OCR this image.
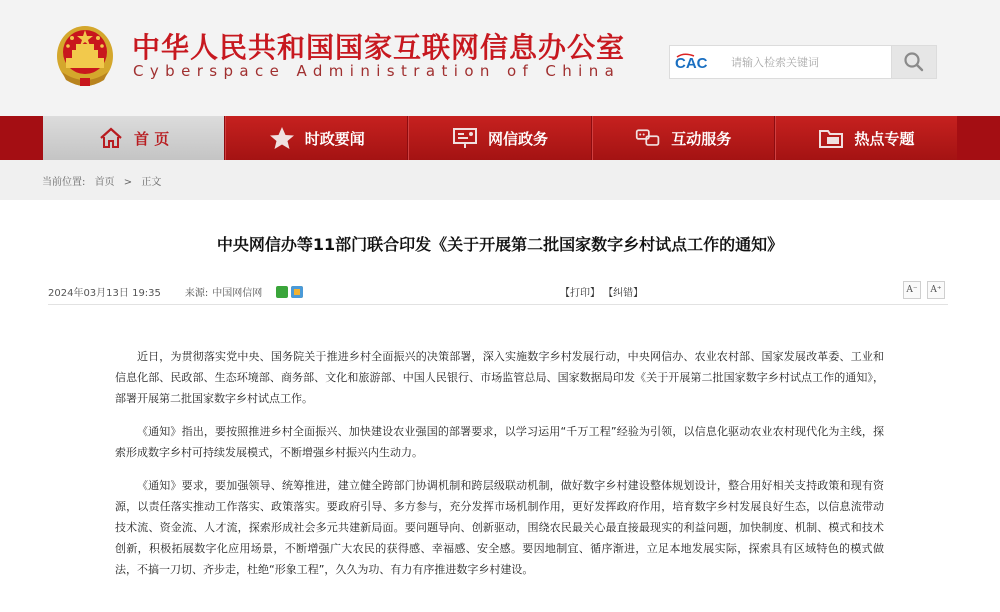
中华人民共和国国家互联网信息办公室
Cyberspace Administration of China	CAC
请输入检索关键词
首 页	时政要闻	网信政务	互动服务	热点专题
当前位置: 首页 > 正文
中央网信办等11部门联合印发《关于开展第二批国家数字乡村试点工作的通知》
2024年03月13日 19:35 来源: 中国网信网	【打印】 【纠错】	A⁻	A⁺

近日，为贯彻落实党中央、国务院关于推进乡村全面振兴的决策部署，深入实施数字乡村发展行动，中央网信办、农业农村部、国家发展改革委、工业和信息化部、民政部、生态环境部、商务部、文化和旅游部、中国人民银行、市场监管总局、国家数据局印发《关于开展第二批国家数字乡村试点工作的通知》，部署开展第二批国家数字乡村试点工作。

《通知》指出，要按照推进乡村全面振兴、加快建设农业强国的部署要求，以学习运用“千万工程”经验为引领，以信息化驱动农业农村现代化为主线，探索形成数字乡村可持续发展模式，不断增强乡村振兴内生动力。

《通知》要求，要加强领导、统筹推进，建立健全跨部门协调机制和跨层级联动机制，做好数字乡村建设整体规划设计，整合用好相关支持政策和现有资源，以责任落实推动工作落实、政策落实。要政府引导、多方参与，充分发挥市场机制作用，更好发挥政府作用，培育数字乡村发展良好生态，以信息流带动技术流、资金流、人才流，探索形成社会多元共建新局面。要问题导向、创新驱动，围绕农民最关心最直接最现实的利益问题，加快制度、机制、模式和技术创新，积极拓展数字化应用场景，不断增强广大农民的获得感、幸福感、安全感。要因地制宜、循序渐进，立足本地发展实际，探索具有区域特色的模式做法，不搞一刀切、齐步走，杜绝“形象工程”，久久为功、有力有序推进数字乡村建设。
